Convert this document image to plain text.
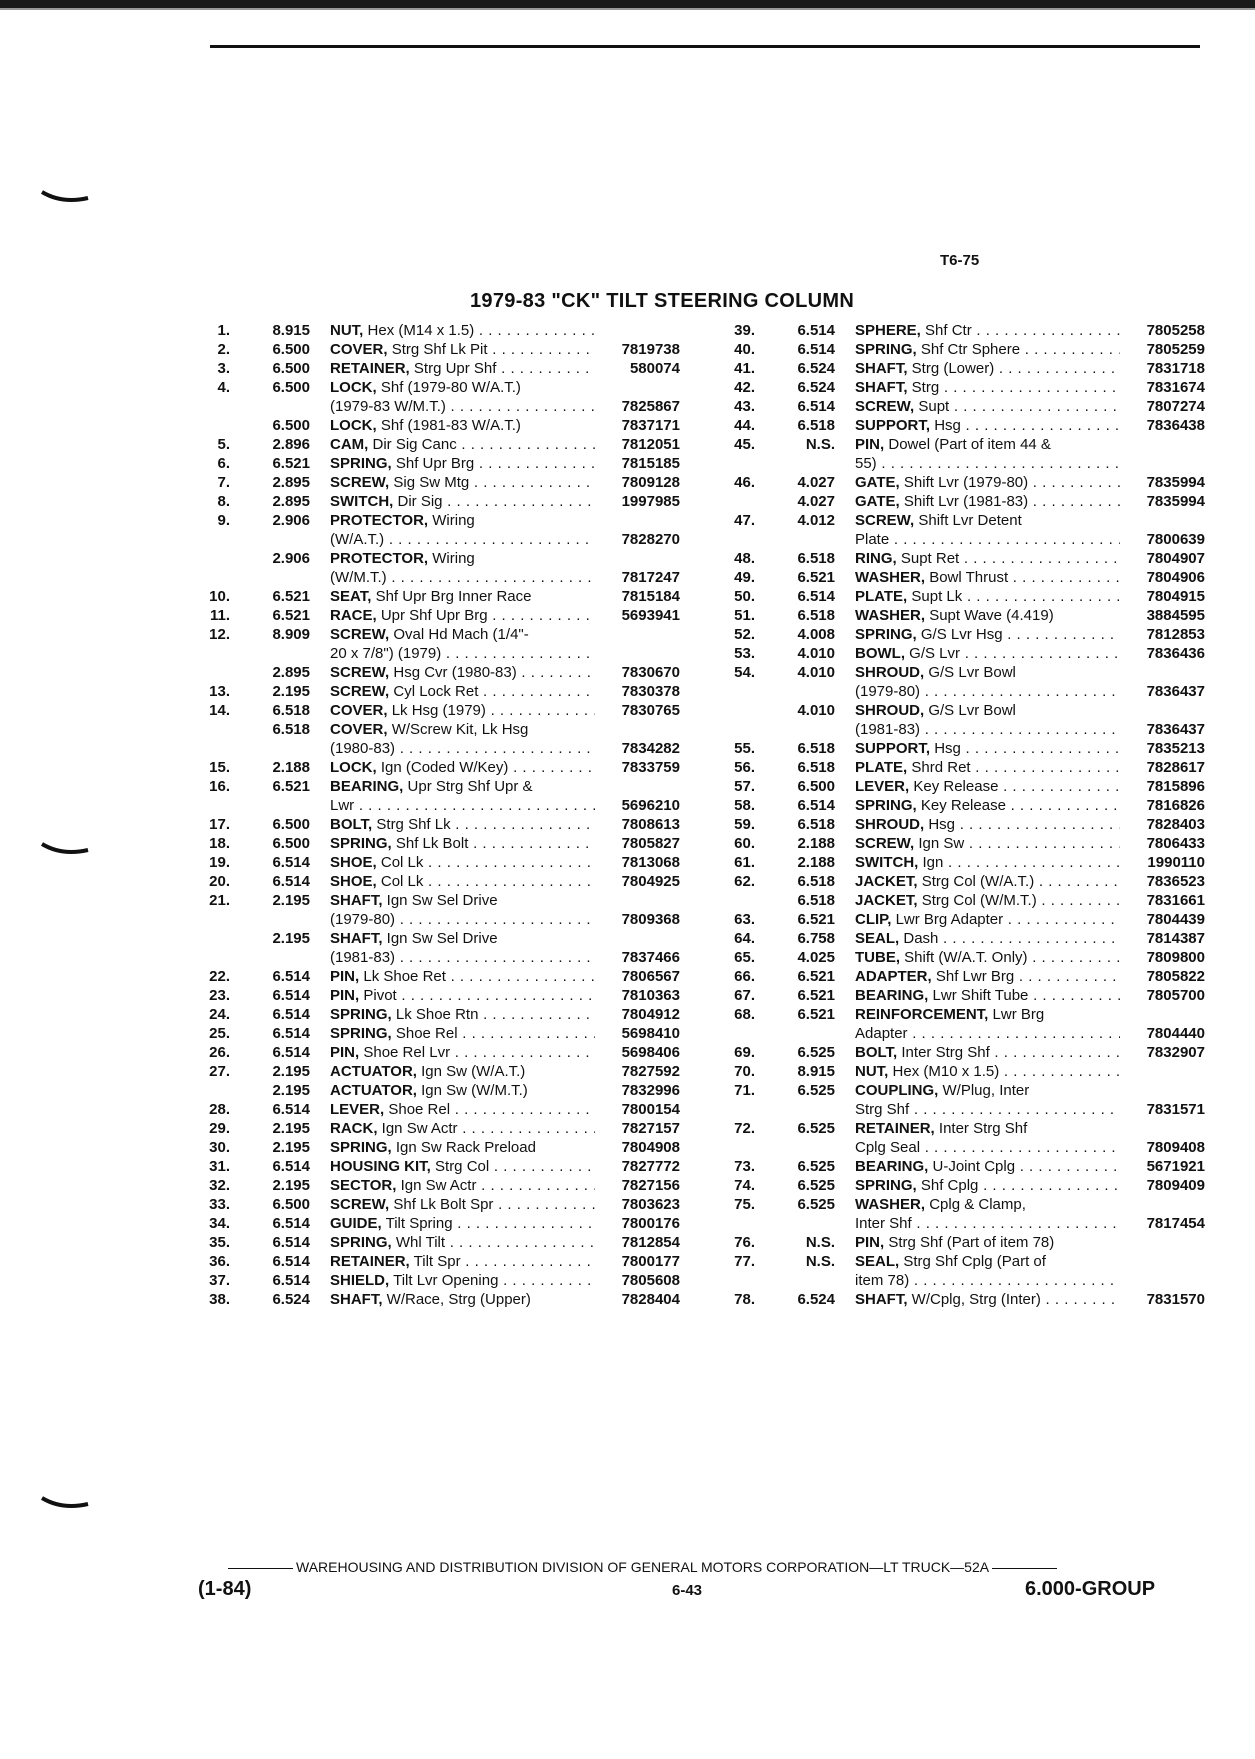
T6-75
1979-83 "CK" TILT STEERING COLUMN
1.	8.915 NUT, Hex (M14 x 1.5) . . .
2.	6.500 COVER, Strg Shf Lk Pit . . .	7819738
3.	6.500 RETAINER, Strg Upr Shf . . .	580074
4.	6.500 LOCK, Shf (1979-80 W/A.T.)
(1979-83 W/M.T.) . . .	7825867
6.500 LOCK, Shf (1981-83 W/A.T.)	7837171
5.	2.896 CAM, Dir Sig Canc . . .	7812051
6.	6.521 SPRING, Shf Upr Brg . . .	7815185
7.	2.895 SCREW, Sig Sw Mtg . . .	7809128
8.	2.895 SWITCH, Dir Sig . . .	1997985
9.	2.906 PROTECTOR, Wiring
(W/A.T.) . . .	7828270
2.906 PROTECTOR, Wiring
(W/M.T.) . . .	7817247
10.	6.521 SEAT, Shf Upr Brg Inner Race	7815184
11.	6.521 RACE, Upr Shf Upr Brg . . .	5693941
12.	8.909 SCREW, Oval Hd Mach (1/4"-
20 x 7/8") (1979) . . .
2.895 SCREW, Hsg Cvr (1980-83) . . .	7830670
13.	2.195 SCREW, Cyl Lock Ret . . .	7830378
14.	6.518 COVER, Lk Hsg (1979) . . .	7830765
6.518 COVER, W/Screw Kit, Lk Hsg
(1980-83) . . .	7834282
15.	2.188 LOCK, Ign (Coded W/Key) . . .	7833759
16.	6.521 BEARING, Upr Strg Shf Upr &
Lwr . . .	5696210
17.	6.500 BOLT, Strg Shf Lk . . .	7808613
18.	6.500 SPRING, Shf Lk Bolt . . .	7805827
19.	6.514 SHOE, Col Lk . . .	7813068
20.	6.514 SHOE, Col Lk . . .	7804925
21.	2.195 SHAFT, Ign Sw Sel Drive
(1979-80) . . .	7809368
2.195 SHAFT, Ign Sw Sel Drive
(1981-83) . . .	7837466
22.	6.514 PIN, Lk Shoe Ret . . .	7806567
23.	6.514 PIN, Pivot . . .	7810363
24.	6.514 SPRING, Lk Shoe Rtn . . .	7804912
25.	6.514 SPRING, Shoe Rel . . .	5698410
26.	6.514 PIN, Shoe Rel Lvr . . .	5698406
27.	2.195 ACTUATOR, Ign Sw (W/A.T.)	7827592
2.195 ACTUATOR, Ign Sw (W/M.T.)	7832996
28.	6.514 LEVER, Shoe Rel . . .	7800154
29.	2.195 RACK, Ign Sw Actr . . .	7827157
30.	2.195 SPRING, Ign Sw Rack Preload	7804908
31.	6.514 HOUSING KIT, Strg Col . . .	7827772
32.	2.195 SECTOR, Ign Sw Actr . . .	7827156
33.	6.500 SCREW, Shf Lk Bolt Spr . . .	7803623
34.	6.514 GUIDE, Tilt Spring . . .	7800176
35.	6.514 SPRING, Whl Tilt . . .	7812854
36.	6.514 RETAINER, Tilt Spr . . .	7800177
37.	6.514 SHIELD, Tilt Lvr Opening . . .	7805608
38.	6.524 SHAFT, W/Race, Strg (Upper)	7828404
39.	6.514 SPHERE, Shf Ctr . . .	7805258
40.	6.514 SPRING, Shf Ctr Sphere . . .	7805259
41.	6.524 SHAFT, Strg (Lower) . . .	7831718
42.	6.524 SHAFT, Strg . . .	7831674
43.	6.514 SCREW, Supt . . .	7807274
44.	6.518 SUPPORT, Hsg . . .	7836438
45.	N.S. PIN, Dowel (Part of item 44 &
55) . . .
46.	4.027 GATE, Shift Lvr (1979-80) . . .	7835994
4.027 GATE, Shift Lvr (1981-83) . . .	7835994
47.	4.012 SCREW, Shift Lvr Detent
Plate . . .	7800639
48.	6.518 RING, Supt Ret . . .	7804907
49.	6.521 WASHER, Bowl Thrust . . .	7804906
50.	6.514 PLATE, Supt Lk . . .	7804915
51.	6.518 WASHER, Supt Wave (4.419)	3884595
52.	4.008 SPRING, G/S Lvr Hsg . . .	7812853
53.	4.010 BOWL, G/S Lvr . . .	7836436
54.	4.010 SHROUD, G/S Lvr Bowl
(1979-80) . . .	7836437
4.010 SHROUD, G/S Lvr Bowl
(1981-83) . . .	7836437
55.	6.518 SUPPORT, Hsg . . .	7835213
56.	6.518 PLATE, Shrd Ret . . .	7828617
57.	6.500 LEVER, Key Release . . .	7815896
58.	6.514 SPRING, Key Release . . .	7816826
59.	6.518 SHROUD, Hsg . . .	7828403
60.	2.188 SCREW, Ign Sw . . .	7806433
61.	2.188 SWITCH, Ign . . .	1990110
62.	6.518 JACKET, Strg Col (W/A.T.) . . .	7836523
6.518 JACKET, Strg Col (W/M.T.) . . .	7831661
63.	6.521 CLIP, Lwr Brg Adapter . . .	7804439
64.	6.758 SEAL, Dash . . .	7814387
65.	4.025 TUBE, Shift (W/A.T. Only) . . .	7809800
66.	6.521 ADAPTER, Shf Lwr Brg . . .	7805822
67.	6.521 BEARING, Lwr Shift Tube . . .	7805700
68.	6.521 REINFORCEMENT, Lwr Brg
Adapter . . .	7804440
69.	6.525 BOLT, Inter Strg Shf . . .	7832907
70.	8.915 NUT, Hex (M10 x 1.5) . . .
71.	6.525 COUPLING, W/Plug, Inter
Strg Shf . . .	7831571
72.	6.525 RETAINER, Inter Strg Shf
Cplg Seal . . .	7809408
73.	6.525 BEARING, U-Joint Cplg . . .	5671921
74.	6.525 SPRING, Shf Cplg . . .	7809409
75.	6.525 WASHER, Cplg & Clamp,
Inter Shf . . .	7817454
76.	N.S. PIN, Strg Shf (Part of item 78)
77.	N.S. SEAL, Strg Shf Cplg (Part of
item 78) . . .
78.	6.524 SHAFT, W/Cplg, Strg (Inter) . . .	7831570
WAREHOUSING AND DISTRIBUTION DIVISION OF GENERAL MOTORS CORPORATION—LT TRUCK—52A
(1-84)	6-43	6.000-GROUP
